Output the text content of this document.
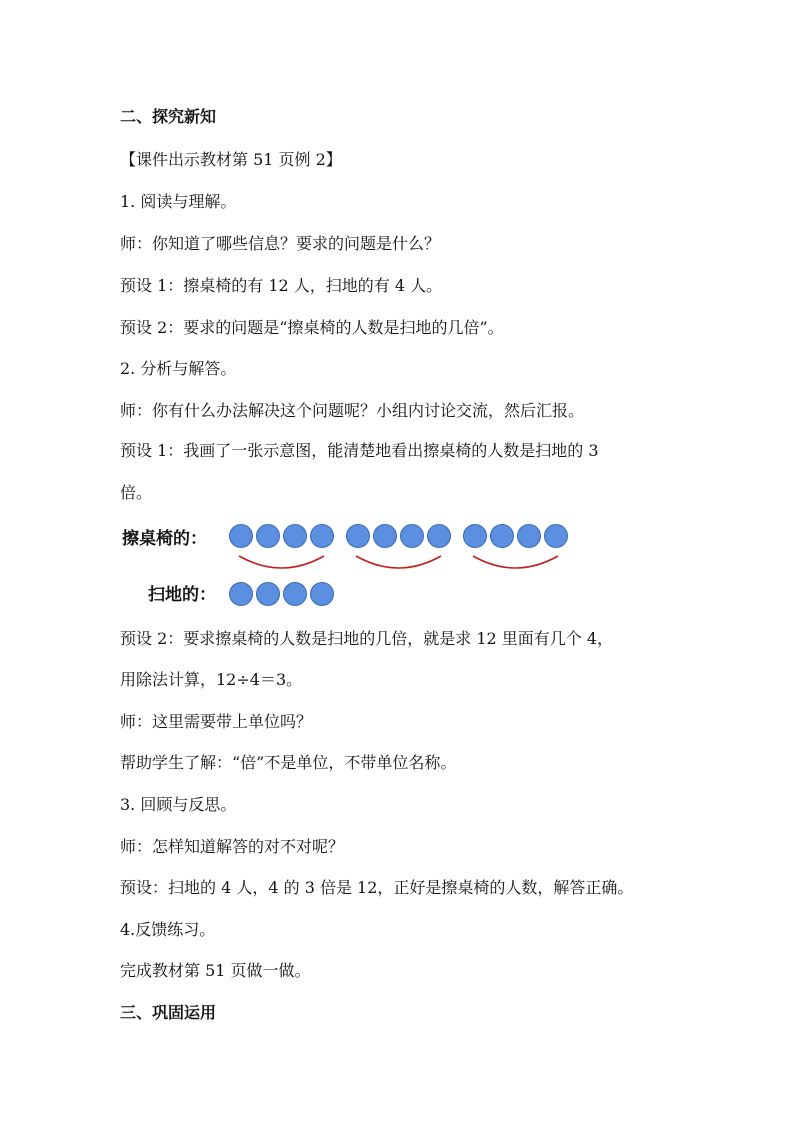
二、探究新知
【课件出示教材第 51 页例 2】
1. 阅读与理解。
师：你知道了哪些信息？要求的问题是什么？
预设 1：擦桌椅的有 12 人，扫地的有 4 人。
预设 2：要求的问题是“擦桌椅的人数是扫地的几倍”。
2. 分析与解答。
师：你有什么办法解决这个问题呢？小组内讨论交流，然后汇报。
预设 1：我画了一张示意图，能清楚地看出擦桌椅的人数是扫地的 3
倍。
擦桌椅的：
扫地的：
预设 2：要求擦桌椅的人数是扫地的几倍，就是求 12 里面有几个 4，
用除法计算，12÷4＝3。
师：这里需要带上单位吗？
帮助学生了解：“倍”不是单位，不带单位名称。
3. 回顾与反思。
师：怎样知道解答的对不对呢？
预设：扫地的 4 人，4 的 3 倍是 12，正好是擦桌椅的人数，解答正确。
4.反馈练习。
完成教材第 51 页做一做。
三、巩固运用
